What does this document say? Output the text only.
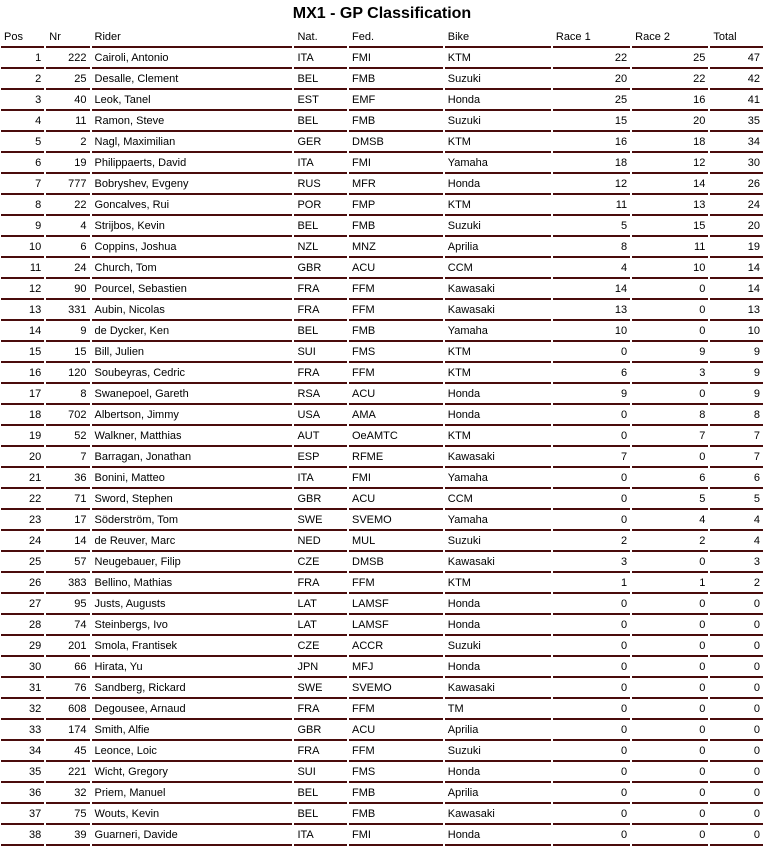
MX1 - GP Classification
Pos	Nr	Rider	Nat.	Fed.	Bike	Race 1	Race 2	Total
1	222	Cairoli, Antonio	ITA	FMI	KTM	22	25	47
2	25	Desalle, Clement	BEL	FMB	Suzuki	20	22	42
3	40	Leok, Tanel	EST	EMF	Honda	25	16	41
4	11	Ramon, Steve	BEL	FMB	Suzuki	15	20	35
5	2	Nagl, Maximilian	GER	DMSB	KTM	16	18	34
6	19	Philippaerts, David	ITA	FMI	Yamaha	18	12	30
7	777	Bobryshev, Evgeny	RUS	MFR	Honda	12	14	26
8	22	Goncalves, Rui	POR	FMP	KTM	11	13	24
9	4	Strijbos, Kevin	BEL	FMB	Suzuki	5	15	20
10	6	Coppins, Joshua	NZL	MNZ	Aprilia	8	11	19
11	24	Church, Tom	GBR	ACU	CCM	4	10	14
12	90	Pourcel, Sebastien	FRA	FFM	Kawasaki	14	0	14
13	331	Aubin, Nicolas	FRA	FFM	Kawasaki	13	0	13
14	9	de Dycker, Ken	BEL	FMB	Yamaha	10	0	10
15	15	Bill, Julien	SUI	FMS	KTM	0	9	9
16	120	Soubeyras, Cedric	FRA	FFM	KTM	6	3	9
17	8	Swanepoel, Gareth	RSA	ACU	Honda	9	0	9
18	702	Albertson, Jimmy	USA	AMA	Honda	0	8	8
19	52	Walkner, Matthias	AUT	OeAMTC	KTM	0	7	7
20	7	Barragan, Jonathan	ESP	RFME	Kawasaki	7	0	7
21	36	Bonini, Matteo	ITA	FMI	Yamaha	0	6	6
22	71	Sword, Stephen	GBR	ACU	CCM	0	5	5
23	17	Söderström, Tom	SWE	SVEMO	Yamaha	0	4	4
24	14	de Reuver, Marc	NED	MUL	Suzuki	2	2	4
25	57	Neugebauer, Filip	CZE	DMSB	Kawasaki	3	0	3
26	383	Bellino, Mathias	FRA	FFM	KTM	1	1	2
27	95	Justs, Augusts	LAT	LAMSF	Honda	0	0	0
28	74	Steinbergs, Ivo	LAT	LAMSF	Honda	0	0	0
29	201	Smola, Frantisek	CZE	ACCR	Suzuki	0	0	0
30	66	Hirata, Yu	JPN	MFJ	Honda	0	0	0
31	76	Sandberg, Rickard	SWE	SVEMO	Kawasaki	0	0	0
32	608	Degousee, Arnaud	FRA	FFM	TM	0	0	0
33	174	Smith, Alfie	GBR	ACU	Aprilia	0	0	0
34	45	Leonce, Loic	FRA	FFM	Suzuki	0	0	0
35	221	Wicht, Gregory	SUI	FMS	Honda	0	0	0
36	32	Priem, Manuel	BEL	FMB	Aprilia	0	0	0
37	75	Wouts, Kevin	BEL	FMB	Kawasaki	0	0	0
38	39	Guarneri, Davide	ITA	FMI	Honda	0	0	0
